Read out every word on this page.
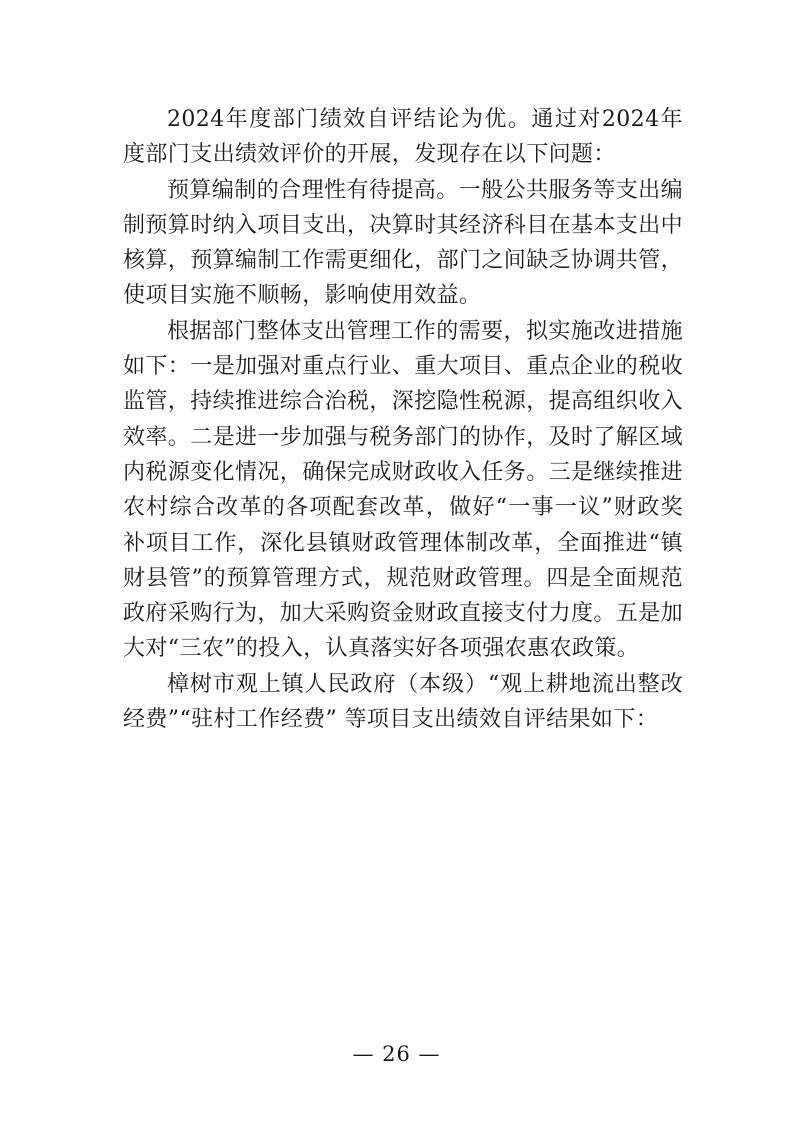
2024年度部门绩效自评结论为优。通过对2024年度部门支出绩效评价的开展，发现存在以下问题：

预算编制的合理性有待提高。一般公共服务等支出编制预算时纳入项目支出，决算时其经济科目在基本支出中核算，预算编制工作需更细化，部门之间缺乏协调共管，使项目实施不顺畅，影响使用效益。

根据部门整体支出管理工作的需要，拟实施改进措施如下：一是加强对重点行业、重大项目、重点企业的税收监管，持续推进综合治税，深挖隐性税源，提高组织收入效率。二是进一步加强与税务部门的协作，及时了解区域内税源变化情况，确保完成财政收入任务。三是继续推进农村综合改革的各项配套改革，做好“一事一议”财政奖补项目工作，深化县镇财政管理体制改革，全面推进“镇财县管”的预算管理方式，规范财政管理。四是全面规范政府采购行为，加大采购资金财政直接支付力度。五是加大对“三农”的投入，认真落实好各项强农惠农政策。

樟树市观上镇人民政府（本级）“观上耕地流出整改经费”“驻村工作经费” 等项目支出绩效自评结果如下：

— 26 —
